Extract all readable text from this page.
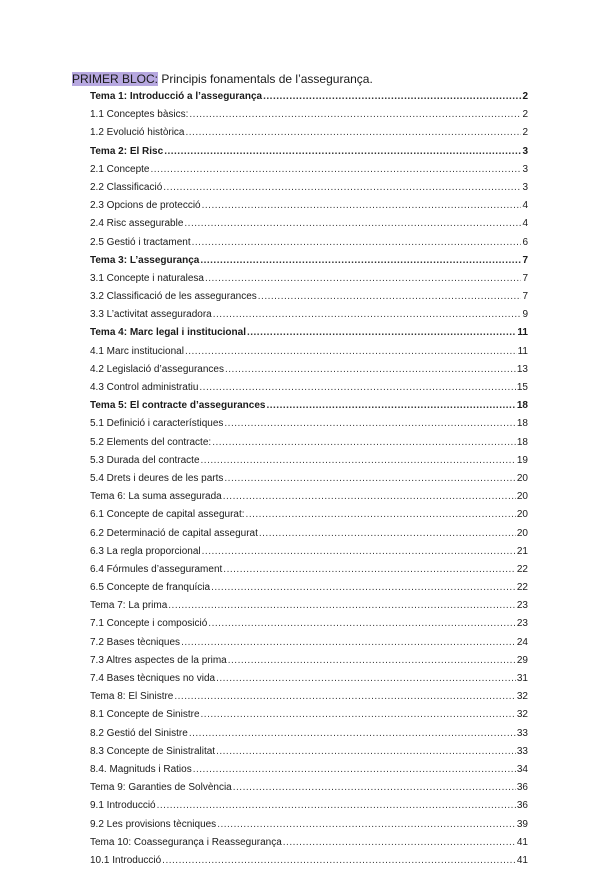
PRIMER BLOC: Principis fonamentals de l’assegurança.
Tema 1: Introducció a l’assegurança .....	2
1.1 Conceptes bàsics: .....	2
1.2 Evolució històrica .....	2
Tema 2: El Risc .....	3
2.1 Concepte .....	3
2.2 Classificació .....	3
2.3 Opcions de protecció .....	4
2.4 Risc assegurable .....	4
2.5 Gestió i tractament .....	6
Tema 3: L’assegurança .....	7
3.1 Concepte i naturalesa .....	7
3.2 Classificació de les assegurances .....	7
3.3 L’activitat asseguradora .....	9
Tema 4: Marc legal i institucional .....	11
4.1 Marc institucional .....	11
4.2 Legislació d’assegurances .....	13
4.3 Control administratiu .....	15
Tema 5: El contracte d’assegurances .....	18
5.1 Definició i característiques .....	18
5.2 Elements del contracte: .....	18
5.3 Durada del contracte .....	19
5.4 Drets i deures de les parts .....	20
Tema 6: La suma assegurada .....	20
6.1 Concepte de capital assegurat: .....	20
6.2 Determinació de capital assegurat .....	20
6.3 La regla proporcional .....	21
6.4 Fórmules d’assegurament .....	22
6.5 Concepte de franquícia .....	22
Tema 7: La prima .....	23
7.1 Concepte i composició .....	23
7.2 Bases tècniques .....	24
7.3 Altres aspectes de la prima .....	29
7.4 Bases tècniques no vida .....	31
Tema 8: El Sinistre .....	32
8.1 Concepte de Sinistre .....	32
8.2 Gestió del Sinistre .....	33
8.3 Concepte de Sinistralitat .....	33
8.4. Magnituds i Ratios .....	34
Tema 9: Garanties de Solvència .....	36
9.1 Introducció .....	36
9.2 Les provisions tècniques .....	39
Tema 10: Coassegurança i Reassegurança .....	41
10.1 Introducció .....	41
